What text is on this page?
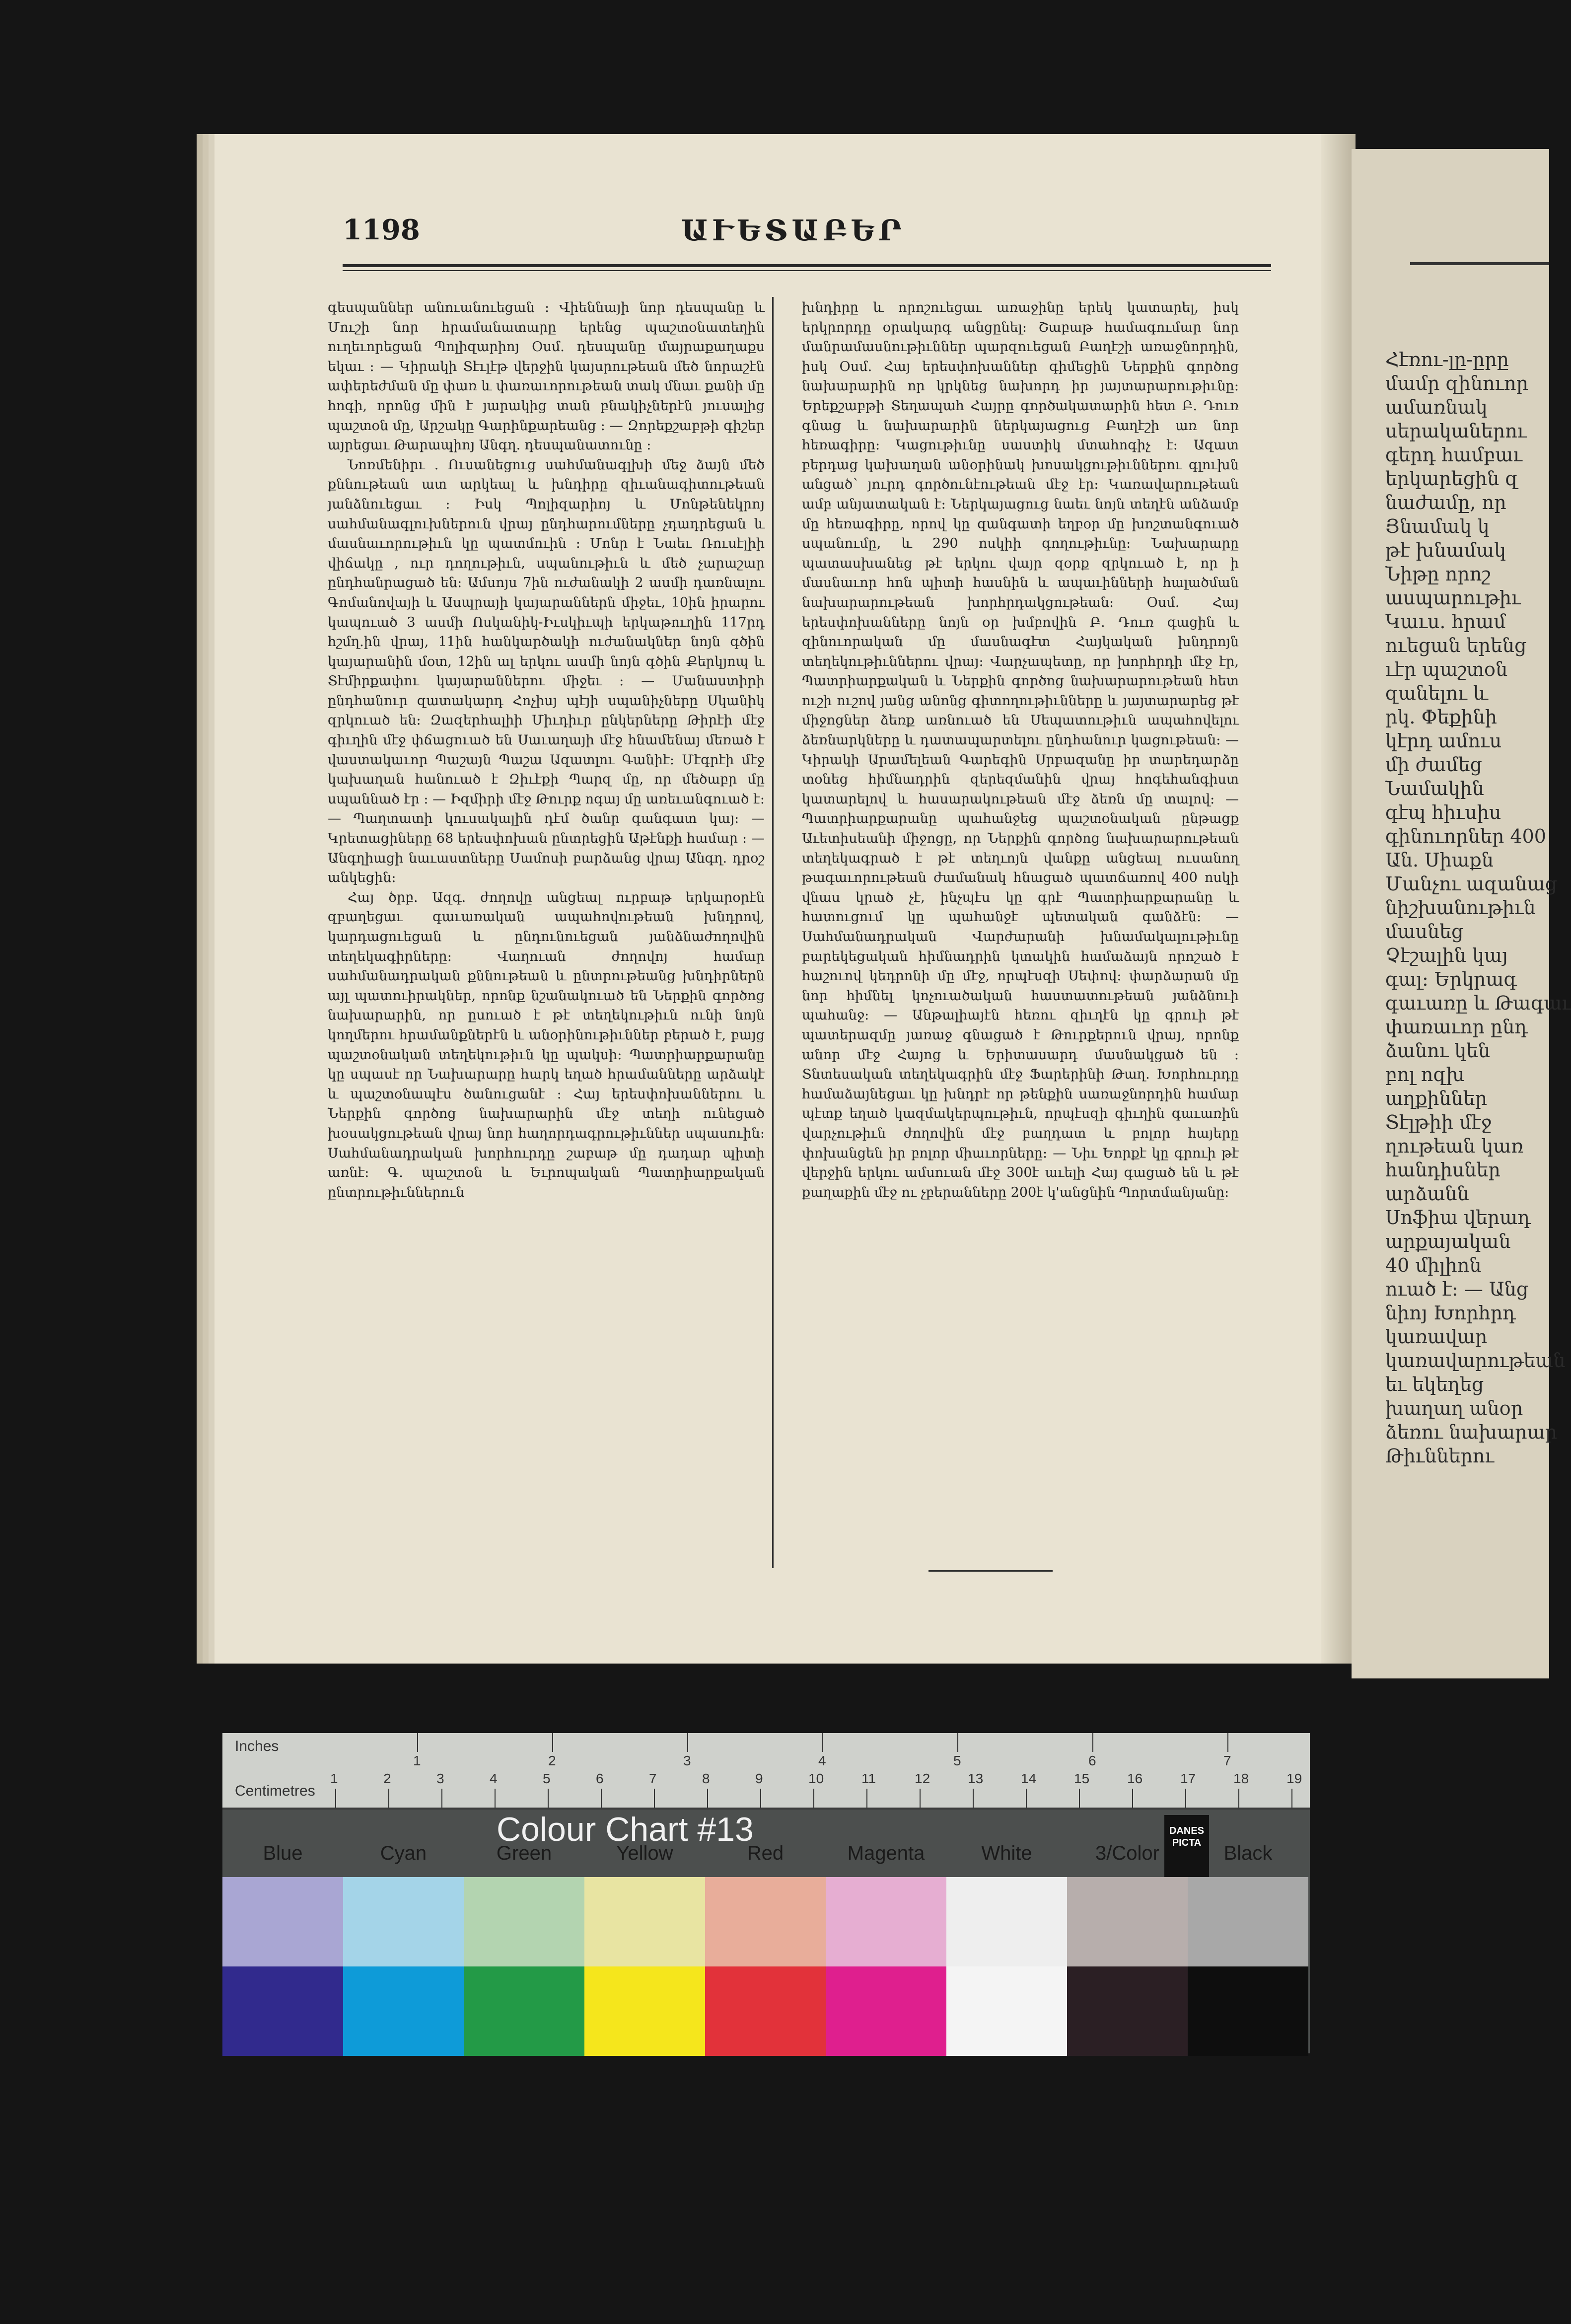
Հէռու-լը-ըրը
մամր զինուոր
ամառնակ
սերականերու
գերդ համբաւ
երկարեցին զ
նաժամը, որ
Յնամակ կ
թէ խնամակ
Նիթը որոշ
ասպարութիւ
Կաւս. հրամ
ուեցան երենց
ւէր պաշտօն
զանելու և
րկ. Փեքինի
կէրդ ամուս
մի ժամեց
Նամակին
գէպ հիւսիս
գինուորներ 400
Ան. Սիաքն
Մանչու ազանաց
նիշխանութիւն
մասնեց
Չէշալին կայ
գալ։ Երկրագ
գաւառը և Թագաւ
փառաւոր ընդ
ձանու կեն
բոլ ոզխ
աղքիններ
Տէլթիի մէջ
ղութեան կառ
հանդիսներ
արձանն
Սոֆիա վերադ
արքայական
40 միլիոն
ուած է։ — Անց
նիոյ Խորհրդ
կառավար
կառավարութեան
եւ եկեղեց
խաղաղ անօր
ձեռու նախարար
Թիւններու
1198	ԱՒԵՏԱԲԵՐ

գեսպաններ անուանուեցան ։ Վիեննայի նոր դեսպանը և Մուշի նոր հրամանատարը երենց պաշտօնատեղին ուղեւորեցան Պոլիզարիոյ Օսմ. դեսպանը մայրաքաղաքս եկաւ ։ — Կիրակի Տէւլէթ վերջին կայսրութեան մեծ նորաշէն ափերեժման մը փառ և փառաւորութեան տակ մնաւ քանի մը հոգի, որոնց մին է յարակից տան բնակիչներէն յուսալից պաշտօն մը, Արշակը Գարինքարեանց ։ — Զորեքշաբթի գիշեր այրեցաւ Թարապիոյ Անգղ. դեսպանատունը ։

Նոռմենիրւ . Ուսանեցուց սահմանագլխի մեջ ձայն մեծ քննութեան ատ արկեալ և խնդիրը զիւանագիտութեան յանձնուեցաւ ։ Իսկ Պոլիզարիոյ և Մոնթենեկրոյ սահմանագլուխներուն վրայ ընդհարումները չդադրեցան և մասնաւորութիւն կը պատմուին ։ Մոնր է Նաեւ Ռուսէլիի վիճակը , ուր դողութիւն, սպանութիւն և մեծ չարաշար ընդհանրացած են։ Ամսոյս 7ին ուժանակի 2 ասմի դառնալու Գոմանովայի և Ասպրայի կայարաններն միջեւ, 10ին իրարու կապուած 3 ասմի Ոսկանիկ-Իւսկիւպի երկաթուղին 117րդ հշմղ.ին վրայ, 11ին հանկարծակի ուժանակներ նոյն գծին կայարանին մօտ, 12ին ալ երկու ասմի նոյն գծին Քերկյոպ և Տէմիրքափու կայարաններու միջեւ ։ — Մանաստիրի ընդհանուր զատակարդ Հոչիսյ պէյի սպանիչները Սկանիկ զրկուած են։ Զազերհալիի Միւդիւր ընկերները Թիրէի մէջ գիւղին մէջ փճացուած են Սաւաղայի մէջ հնամենայ մեռած է վաստակաւոր Պաշայն Պաշա Ազատլու Գանիէ։ Մէգրէի մէջ կախաղան հանուած է Զիւէքի Պարզ մը, որ մեծաբր մը սպաննած էր ։ — Իզմիրի մէջ Թուրք ոգայ մը առեւանգուած է։ — Պաղտատի կուսակալին դէմ ծանր գանգատ կայ։ — Կրետացիները 68 երեսփոխան ընտրեցին Աթէնքի համար ։ — Անգղիացի նաւաստները Սամոսի բարձանց վրայ Անգղ. դրօշ անկեցին։

Հայ ծրբ. Ազգ. ժողովը անցեալ ուրբաթ երկարօրէն զբաղեցաւ գաւառական ապահովութեան խնդրով, կարդացուեցան և ընդունուեցան յանձնաժողովին տեղեկագիրները։ Վաղուան ժողովոյ համար սահմանադրական քննութեան և ընտրութեանց խնդիրներն այլ պատուիրակներ, որոնք նշանակուած են Ներքին գործոց նախարարին, որ ըսուած է թէ տեղեկութիւն ունի նոյն կողմերու հրամանքներէն և անօրինութիւններ բերած է, բայց պաշտօնական տեղեկութիւն կը պակսի։ Պատրիարքարանը կը սպասէ որ Նախարարը հարկ եղած հրամանները արձակէ և պաշտօնապէս ծանուցանէ ։ Հայ երեսփոխաններու և Ներքին գործոց նախարարին մէջ տեղի ունեցած խօսակցութեան վրայ նոր հաղորդագրութիւններ սպասուին։ Սահմանադրական խորհուրդը շաբաթ մը դադար պիտի առնէ։ Գ. պաշտօն և Եւրոպական Պատրիարքական ընտրութիւններուն

խնդիրը և որոշուեցաւ առաջինը երեկ կատարել, իսկ երկրորդը օրակարգ անցընել։ Շաբաթ համագումար նոր մանրամասնութիւններ պարզուեցան Բաղէշի առաջնորդին, իսկ Օսմ. Հայ երեսփոխաններ գիմեցին Ներքին գործոց նախարարին որ կրկնեց նախորդ իր յայտարարութիւնը։ Երեքշաբթի Տեղապահ Հայրը գործակատարին հետ Բ. Դուռ գնաց և նախարարին ներկայացուց Բաղէշի առ նոր հեռագիրը։ Կացութիւնը սաստիկ մտահոգիչ է։ Ազատ բերդաց կախաղան անօրինակ խոսակցութիւններու գլուխն անցած՝ յուրդ գործունէութեան մէջ էր։ Կառավարութեան ամբ անյատական է։ Ներկայացուց նաեւ նոյն տեղէն անձամբ մը հեռագիրը, որով կը զանգատի եղբօր մը խոշտանգուած սպանումը, և 290 ոսկիի գողութիւնը։ Նախարարը պատասխանեց թէ երկու վայր զօրք զրկուած է, որ ի մասնաւոր հոն պիտի հասնին և ապաւինների հալածման նախարարութեան խորհրդակցութեան։ Օսմ. Հայ երեսփոխանները նոյն օր խմբովին Բ. Դուռ գացին և զինուորական մը մասնագէտ Հայկական խնդրոյն տեղեկութիւններու վրայ։ Վարչապետը, որ խորհրդի մէջ էր, Պատրիարքական և Ներքին գործոց նախարարութեան հետ ուշի ուշով յանց անոնց գիտողութիւնները և յայտարարեց թէ միջոցներ ձեռք առնուած են Սեպատութիւն ապահովելու ձեռնարկները և դատապարտելու ընդհանուր կացութեան։ — Կիրակի Արամելեան Գարեգին Սրբազանը իր տարեդարձը տօնեց հիմնադրին զերեզմանին վրայ հոգեհանգիստ կատարելով և հասարակութեան մէջ ձեռն մը տալով։ — Պատրիարքարանը պահանջեց պաշտօնական ընթացք Աւետիսեանի միջոցը, որ Ներքին գործոց նախարարութեան տեղեկագրած է թէ տեղւոյն վանքը անցեալ ուսանող թագաւորութեան ժամանակ հնացած պատճառով 400 ոսկի վնաս կրած չէ, ինչպէս կը գրէ Պատրիարքարանը և հատուցում կը պահանջէ պետական գանձէն։ — Սահմանադրական Վարժարանի խնամակալութիւնը բարեկեցական հիմնադրին կտակին համաձայն որոշած է հաշուով կեդրոնի մը մէջ, որպէսզի Սեփով։ փարձարան մը նոր հիմնել կոչուածական հաստատութեան յանձնուի պահանջ։ — Անթալիայէն հեռու զիւղէն կը գրուի թէ պատերազմը յառաջ գնացած է Թուրքերուն վրայ, որոնք անոր մէջ Հայոց և Երիտասարդ մասնակցած են ։ Տնտեսական տեղեկագրին մէջ Ֆարերինի Թաղ. Խորհուրդը համաձայնեցաւ կը խնդրէ որ թենքին սառաջնորդին համար պէտք եղած կազմակերպութիւն, որպէսզի գիւղին գաւառին վարչութիւն ժողովին մէջ բաղդատ և բոլոր հայերը փոխանցեն իր բոլոր միաւորները։ — Նիւ Եորքէ կը գրուի թէ վերջին երկու ամսուան մէջ 300է աւելի Հայ գացած են և թէ քաղաքին մէջ ու չբերանները 200է կ'անցնին Պորտմանյանը։

Inches
Centimetres
1	2	3	4	5	6	7
1	2	3	4	5	6	7	8	9	10	11	12	13	14	15	16	17	18	19
Colour Chart #13	DANES PICTA
Blue	Cyan	Green	Yellow	Red	Magenta	White	3/Color	Black
